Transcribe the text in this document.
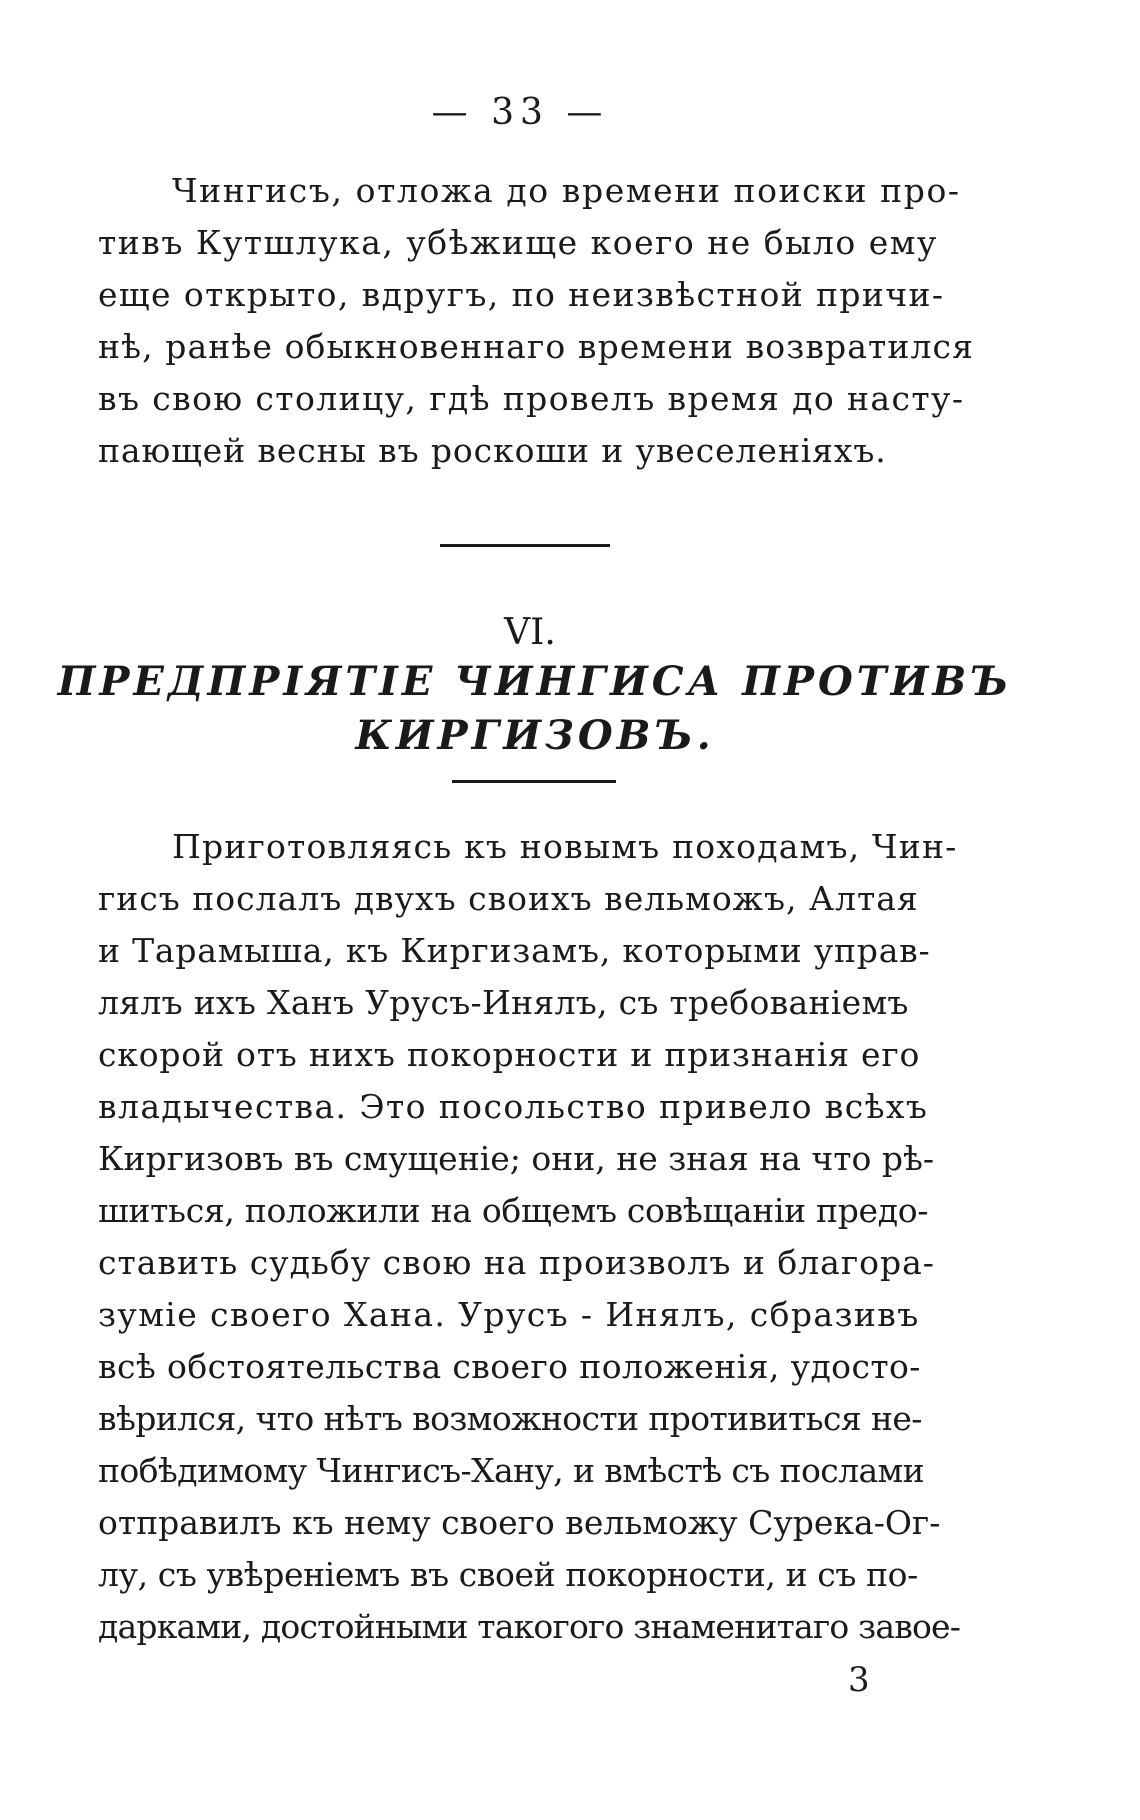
— 33 —
Чингисъ, отложа до времени поиски про-
тивъ Кутшлука, убѣжище коего не было ему
еще открыто, вдругъ, по неизвѣстной причи-
нѣ, ранѣе обыкновеннаго времени возвратился
въ свою столицу, гдѣ провелъ время до насту-
пающей весны въ роскоши и увеселенiяхъ.
VI.
ПРЕДПРIЯТIЕ ЧИНГИСА ПРОТИВЪ
КИРГИЗОВЪ.
Приготовляясь къ новымъ походамъ, Чин-
гисъ послалъ двухъ своихъ вельможъ, Алтая
и Тарамыша, къ Киргизамъ, которыми управ-
лялъ ихъ Ханъ Урусъ-Инялъ, съ требованiемъ
скорой отъ нихъ покорности и признанiя его
владычества. Это посольство привело всѣхъ
Киргизовъ въ смущенiе; они, не зная на что рѣ-
шиться, положили на общемъ совѣщанiи предо-
ставить судьбу свою на произволъ и благора-
зумiе своего Хана. Урусъ - Инялъ, сбразивъ
всѣ обстоятельства своего положенiя, удосто-
вѣрился, что нѣтъ возможности противиться не-
побѣдимому Чингисъ-Хану, и вмѣстѣ съ послами
отправилъ къ нему своего вельможу Сурека-Ог-
лу, съ увѣренiемъ въ своей покорности, и съ по-
дарками, достойными такогого знаменитаго завое-
3
